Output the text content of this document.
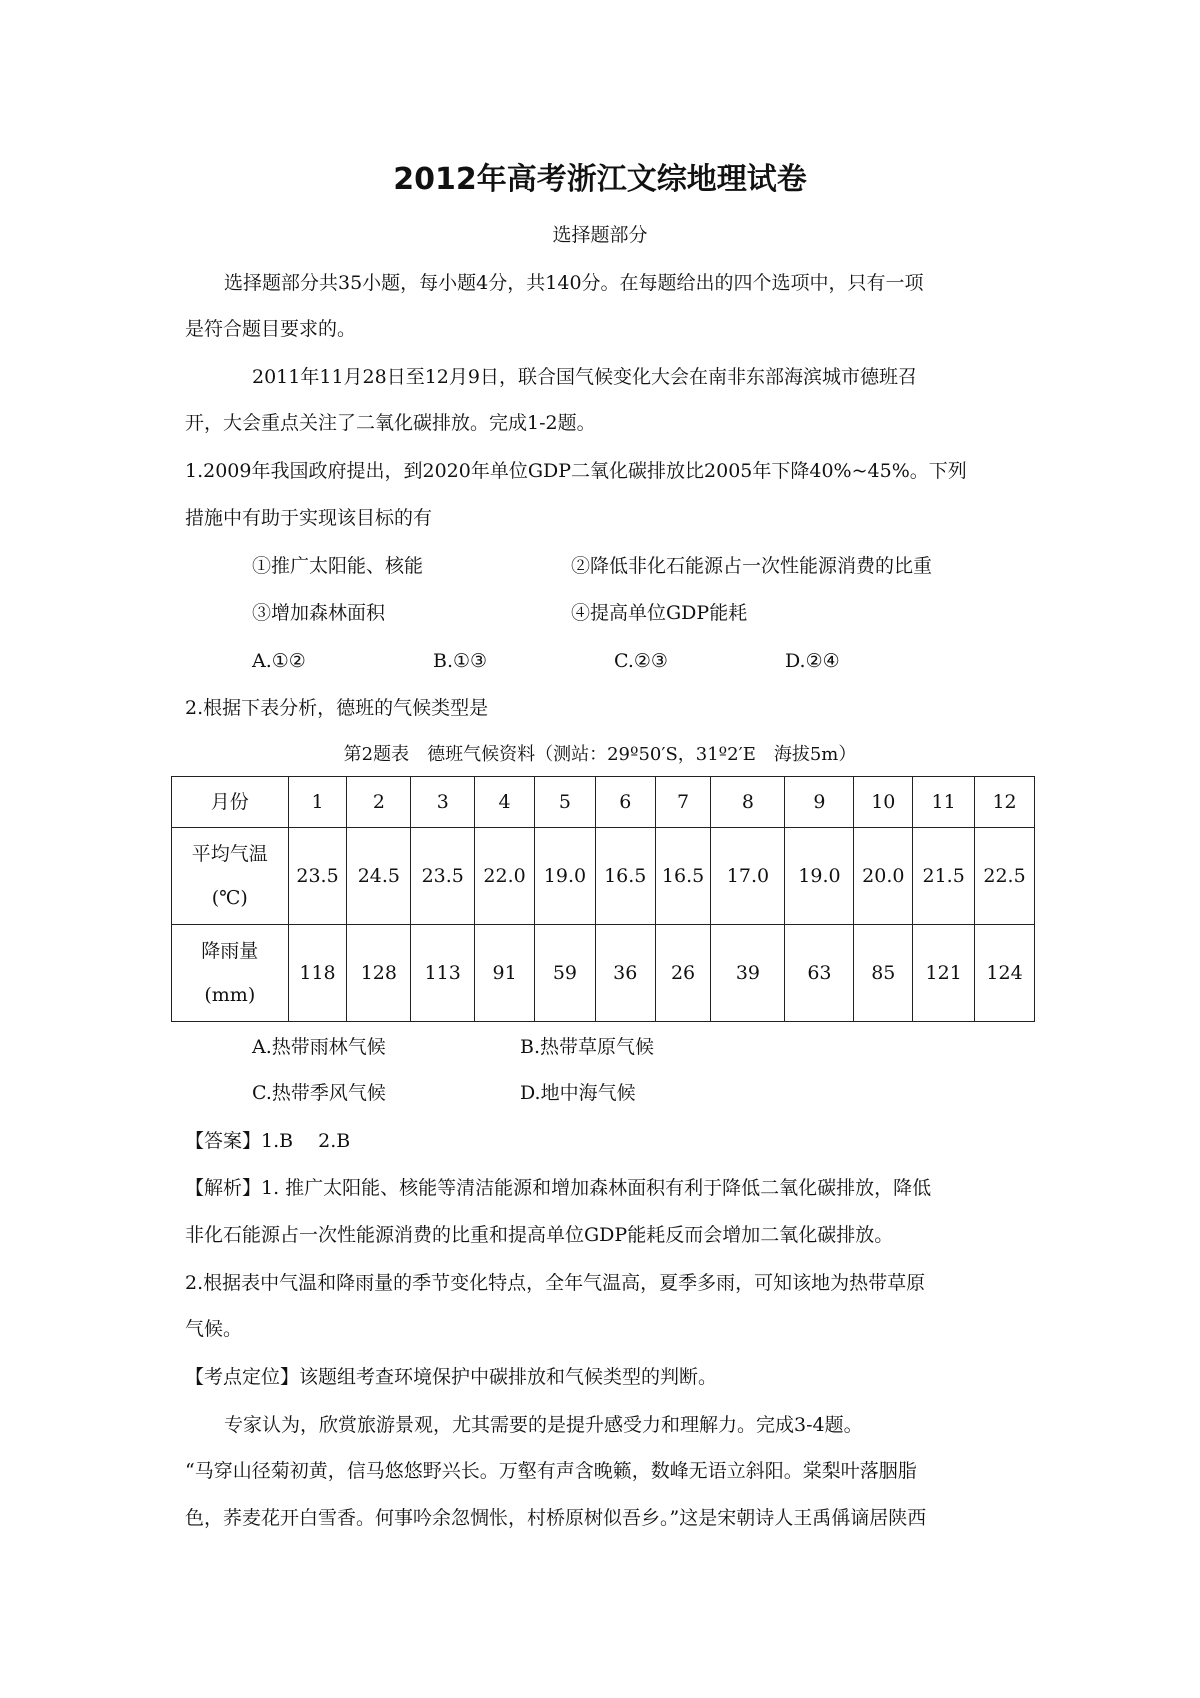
2012年高考浙江文综地理试卷

选择题部分

选择题部分共35小题，每小题4分，共140分。在每题给出的四个选项中，只有一项

是符合题目要求的。

2011年11月28日至12月9日，联合国气候变化大会在南非东部海滨城市德班召

开，大会重点关注了二氧化碳排放。完成1-2题。

1.2009年我国政府提出，到2020年单位GDP二氧化碳排放比2005年下降40%~45%。下列

措施中有助于实现该目标的有

①推广太阳能、核能	②降低非化石能源占一次性能源消费的比重
③增加森林面积	④提高单位GDP能耗
A.①②	B.①③	C.②③	D.②④

2.根据下表分析，德班的气候类型是

第2题表　德班气候资料（测站：29º50′S，31º2′E　海拔5m）

月份	1	2	3	4	5	6	7	8	9	10	11	12

平均气温
(℃)	23.5	24.5	23.5	22.0	19.0	16.5	16.5	17.0	19.0	20.0	21.5	22.5

降雨量
(mm)	118	128	113	91	59	36	26	39	63	85	121	124
A.热带雨林气候	B.热带草原气候
C.热带季风气候	D.地中海气候

【答案】1.B　 2.B

【解析】1. 推广太阳能、核能等清洁能源和增加森林面积有利于降低二氧化碳排放，降低

非化石能源占一次性能源消费的比重和提高单位GDP能耗反而会增加二氧化碳排放。

2.根据表中气温和降雨量的季节变化特点，全年气温高，夏季多雨，可知该地为热带草原

气候。

【考点定位】该题组考查环境保护中碳排放和气候类型的判断。

专家认为，欣赏旅游景观，尤其需要的是提升感受力和理解力。完成3-4题。

“马穿山径菊初黄，信马悠悠野兴长。万壑有声含晚籁，数峰无语立斜阳。棠梨叶落胭脂

色，荞麦花开白雪香。何事吟余忽惆怅，村桥原树似吾乡。”这是宋朝诗人王禹偁谪居陕西
